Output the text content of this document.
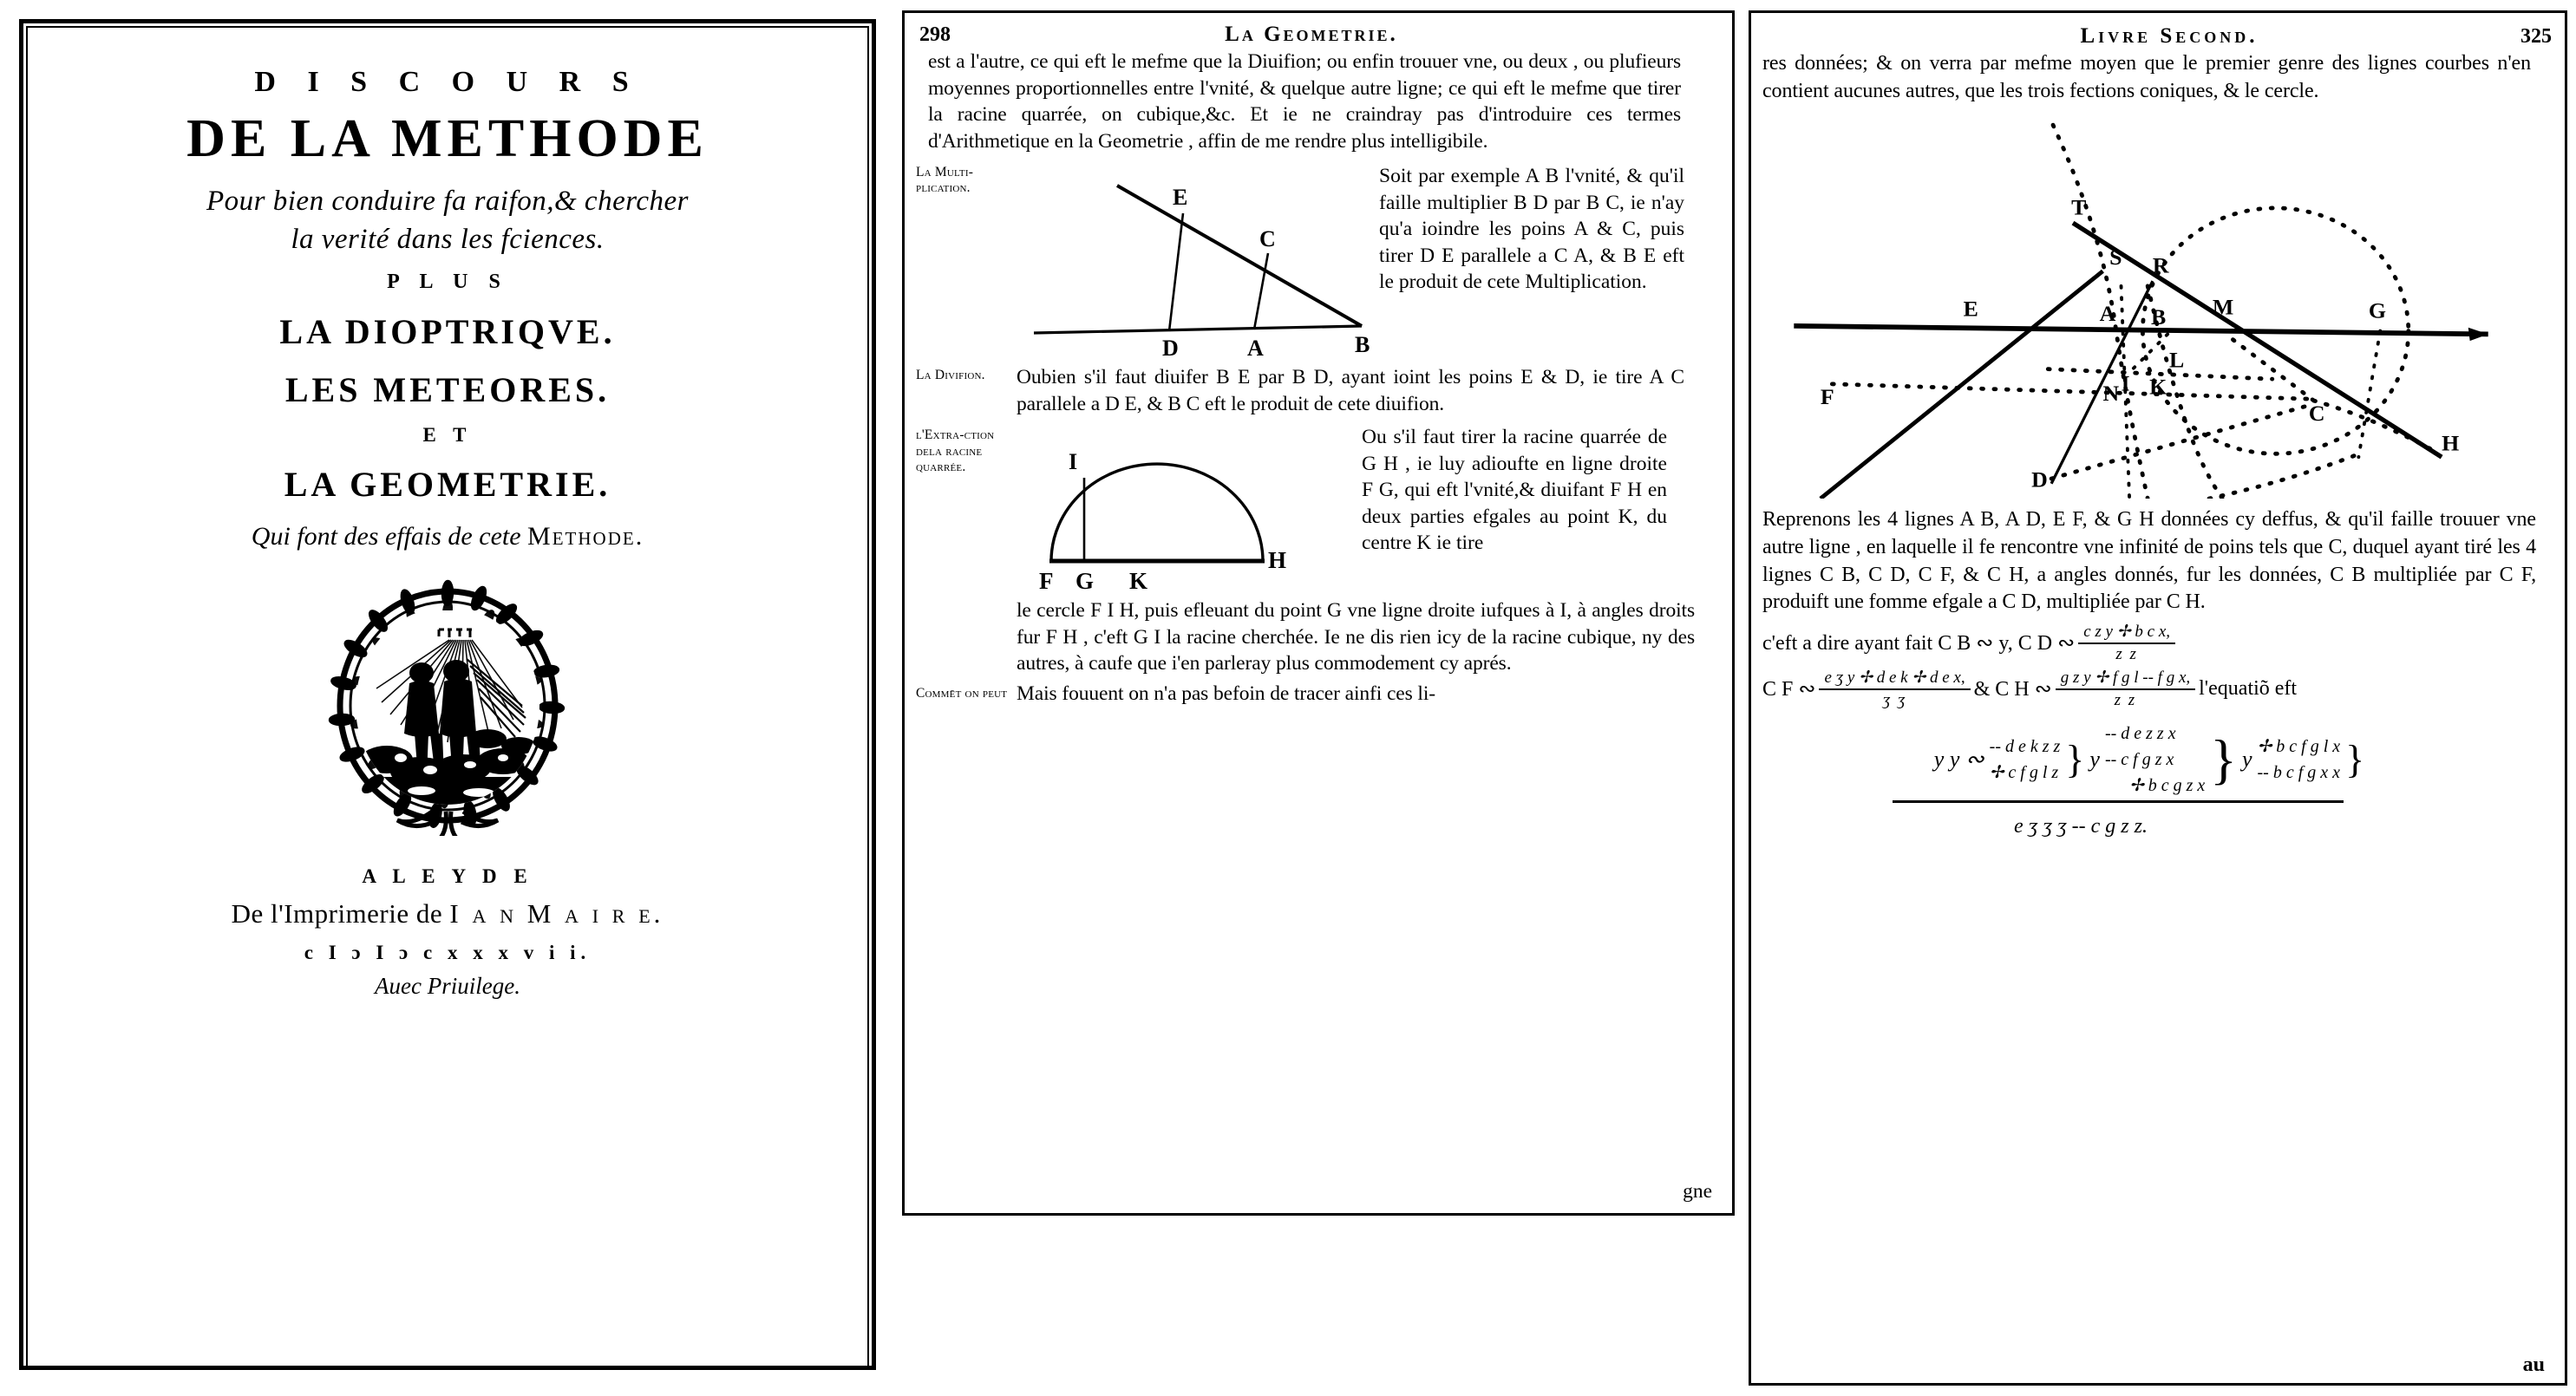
D I S C O U R S
DE LA METHODE
Pour bien conduire fa raifon,& chercher
la verité dans les fciences.
P L U S
LA DIOPTRIQVE.
LES METEORES.
E T
LA GEOMETRIE.
Qui font des effais de cete Methode.
A L E Y D E
De l'Imprimerie de I a n M a i r e.
c I ɔ I ɔ c x x x v i i.
Auec Priuilege.
298	La Geometrie.
est a l'autre, ce qui eft le mefme que la Diuifion; ou enfin trouuer vne, ou deux , ou plufieurs moyennes proportionnelles entre l'vnité, & quelque autre ligne; ce qui eft le mefme que tirer la racine quarrée, on cubique,&c. Et ie ne craindray pas d'introduire ces termes d'Arithmetique en la Geometrie , affin de me rendre plus intelligibile.
La Multi-plication.	E
C
D	A	B
Soit par exemple A B l'vnité, & qu'il faille multiplier B D par B C, ie n'ay qu'a ioindre les poins A & C, puis tirer D E parallele a C A, & B E eft le produit de cete Multiplication.
La Divifion.	Oubien s'il faut diuifer B E par B D, ayant ioint les poins E & D, ie tire A C parallele a D E, & B C eft le produit de cete diuifion.
l'Extra-ction dela racine quarrée.	I
F G K
H
Ou s'il faut tirer la racine quarrée de G H , ie luy adioufte en ligne droite F G, qui eft l'vnité,& diuifant F H en deux parties efgales au point K, du centre K ie tire
le cercle F I H, puis efleuant du point G vne ligne droite iufques à I, à angles droits fur F H , c'eft G I la racine cherchée. Ie ne dis rien icy de la racine cubique, ny des autres, à caufe que i'en parleray plus commodement cy aprés.
Commēt on peut Mais fouuent on n'a pas befoin de tracer ainfi ces li-
gne
Livre Second.	325
res données; & on verra par mefme moyen que le premier genre des lignes courbes n'en contient aucunes autres, que les trois fections coniques, & le cercle.
T
S R
E	A B M	G
L
N I K
C
H
F
D
Reprenons les 4 lignes A B, A D, E F, & G H données cy deffus, & qu'il faille trouuer vne autre ligne , en laquelle il fe rencontre vne infinité de poins tels que C, duquel ayant tiré les 4 lignes C B, C D, C F, & C H, a angles donnés, fur les données, C B multipliée par C F, produift une fomme efgale a C D, multipliée par C H.
c'eft a dire ayant fait C B ∾ y, C D ∾ $\frac{\text{c z y ✢ b c x,}}{\text{z z}}$
C F ∾ $\frac{\text{e ʒ y ✢ d e k ✢ d e x,}}{\text{ʒ ʒ}}$ & C H ∾ $\frac{\text{g z y ✢ f g l -- f g x,}}{\text{z z}}$ l'equatiõ eft
y y ∾ -- d e k z z
✢ c f g l z } y
-- d e z z x
-- c f g z x
✢ b c g z x } y ✢ b c f g l x
-- b c f g x x }
e ʒ ʒ ʒ -- c g z z.
au
